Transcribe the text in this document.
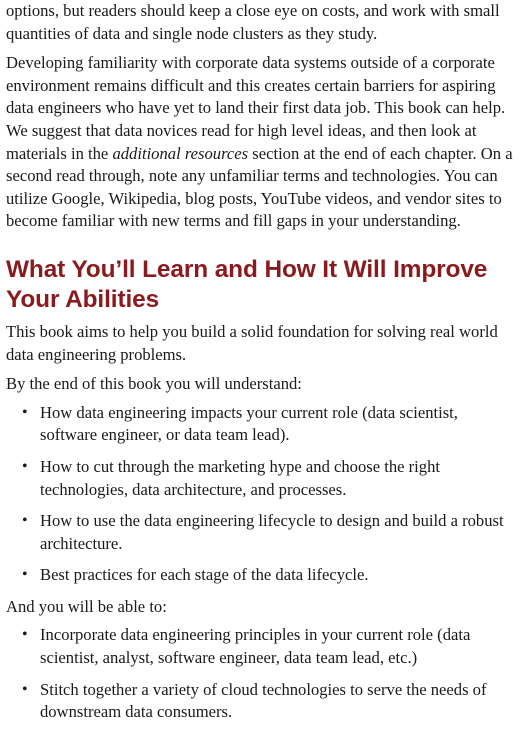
options, but readers should keep a close eye on costs, and work with small quantities of data and single node clusters as they study.

Developing familiarity with corporate data systems outside of a corporate environment remains difficult and this creates certain barriers for aspiring data engineers who have yet to land their first data job. This book can help. We suggest that data novices read for high level ideas, and then look at materials in the additional resources section at the end of each chapter. On a second read through, note any unfamiliar terms and technologies. You can utilize Google, Wikipedia, blog posts, YouTube videos, and vendor sites to become familiar with new terms and fill gaps in your understanding.

What You’ll Learn and How It Will Improve Your Abilities

This book aims to help you build a solid foundation for solving real world data engineering problems.

By the end of this book you will understand:

• How data engineering impacts your current role (data scientist, software engineer, or data team lead).
• How to cut through the marketing hype and choose the right technologies, data architecture, and processes.
• How to use the data engineering lifecycle to design and build a robust architecture.
• Best practices for each stage of the data lifecycle.

And you will be able to:

• Incorporate data engineering principles in your current role (data scientist, analyst, software engineer, data team lead, etc.)
• Stitch together a variety of cloud technologies to serve the needs of downstream data consumers.
